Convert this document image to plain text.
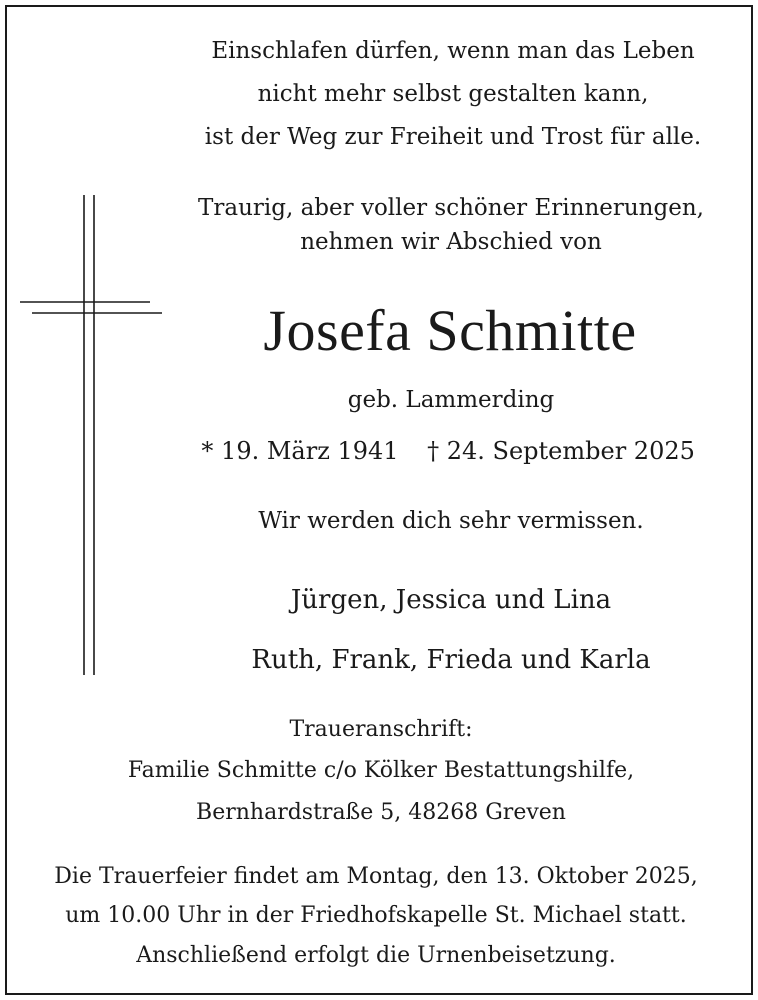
Einschlafen dürfen, wenn man das Leben
nicht mehr selbst gestalten kann,
ist der Weg zur Freiheit und Trost für alle.
Traurig, aber voller schöner Erinnerungen,
nehmen wir Abschied von
Josefa Schmitte
geb. Lammerding
* 19. März 1941 † 24. September 2025
Wir werden dich sehr vermissen.
Jürgen, Jessica und Lina
Ruth, Frank, Frieda und Karla
Traueranschrift:
Familie Schmitte c/o Kölker Bestattungshilfe,
Bernhardstraße 5, 48268 Greven
Die Trauerfeier findet am Montag, den 13. Oktober 2025,
um 10.00 Uhr in der Friedhofskapelle St. Michael statt.
Anschließend erfolgt die Urnenbeisetzung.
